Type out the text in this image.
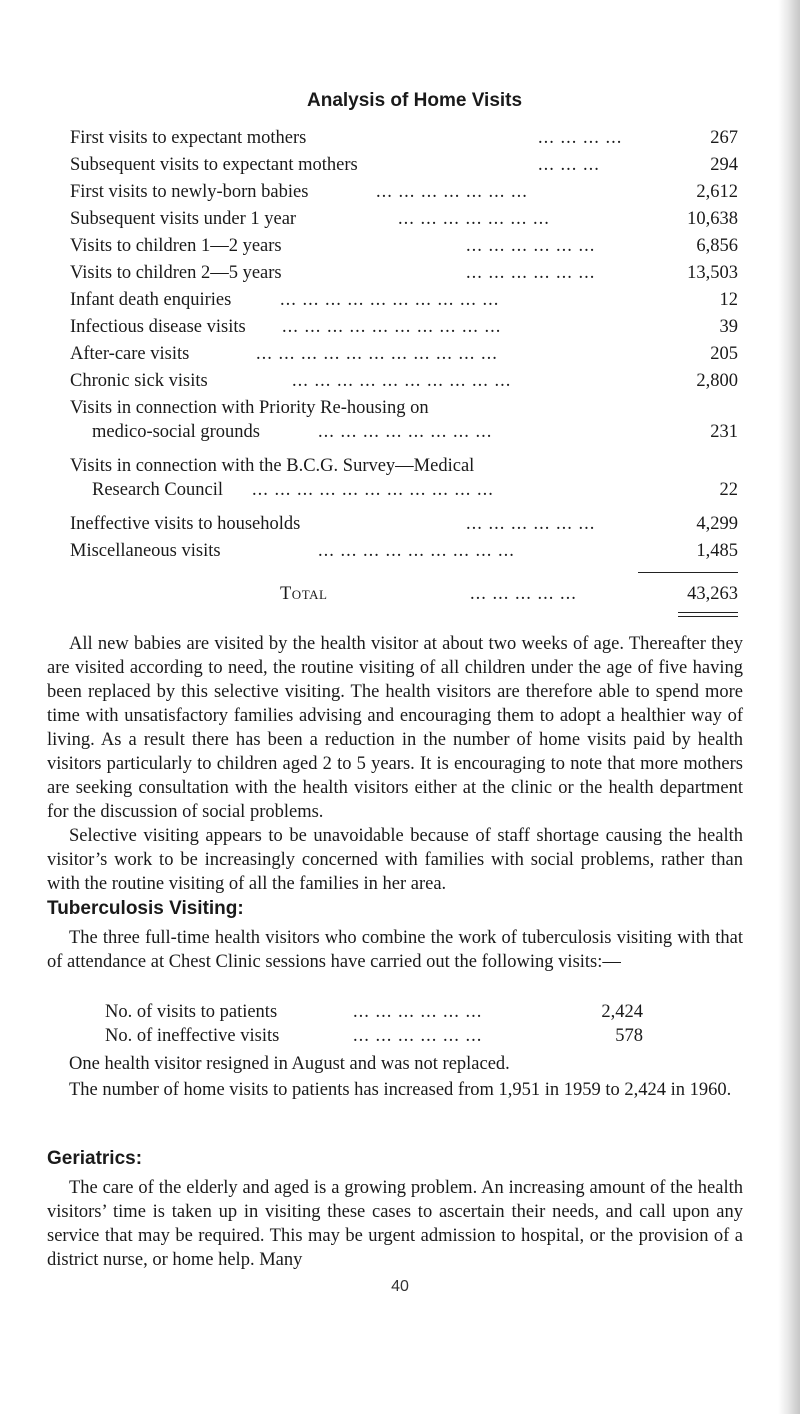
Analysis of Home Visits
First visits to expectant mothers	... ... ... ...	267
Subsequent visits to expectant mothers	... ... ...	294
First visits to newly-born babies	... ... ... ... ... ... ...	2,612
Subsequent visits under 1 year	... ... ... ... ... ... ...	10,638
Visits to children 1—2 years	... ... ... ... ... ...	6,856
Visits to children 2—5 years	... ... ... ... ... ...	13,503
Infant death enquiries	... ... ... ... ... ... ... ... ... ...	12
Infectious disease visits ... ... ... ... ... ... ... ... ... ...	39
After-care visits	... ... ... ... ... ... ... ... ... ... ...	205
Chronic sick visits	... ... ... ... ... ... ... ... ... ...	2,800
Visits in connection with Priority Re-housing on
medico-social grounds	... ... ... ... ... ... ... ...	231
Visits in connection with the B.C.G. Survey—Medical
Research Council ... ... ... ... ... ... ... ... ... ... ...	22
Ineffective visits to households	... ... ... ... ... ...	4,299
Miscellaneous visits	... ... ... ... ... ... ... ... ...	1,485
Total	... ... ... ... ...	43,263
All new babies are visited by the health visitor at about two weeks of age. Thereafter they are visited according to need, the routine visiting of all children under the age of five having been replaced by this selective visiting. The health visitors are therefore able to spend more time with unsatisfactory families advising and encouraging them to adopt a healthier way of living. As a result there has been a reduction in the number of home visits paid by health visitors particularly to children aged 2 to 5 years. It is encouraging to note that more mothers are seeking consultation with the health visitors either at the clinic or the health department for the discussion of social problems.
Selective visiting appears to be unavoidable because of staff shortage causing the health visitor’s work to be increasingly concerned with families with social problems, rather than with the routine visiting of all the families in her area.
Tuberculosis Visiting:
The three full-time health visitors who combine the work of tuberculosis visiting with that of attendance at Chest Clinic sessions have carried out the following visits:—
No. of visits to patients	... ... ... ... ... ...	2,424
No. of ineffective visits	... ... ... ... ... ...	578
One health visitor resigned in August and was not replaced.
The number of home visits to patients has increased from 1,951 in 1959 to 2,424 in 1960.
Geriatrics:
The care of the elderly and aged is a growing problem. An increasing amount of the health visitors’ time is taken up in visiting these cases to ascertain their needs, and call upon any service that may be required. This may be urgent admission to hospital, or the provision of a district nurse, or home help. Many
40
